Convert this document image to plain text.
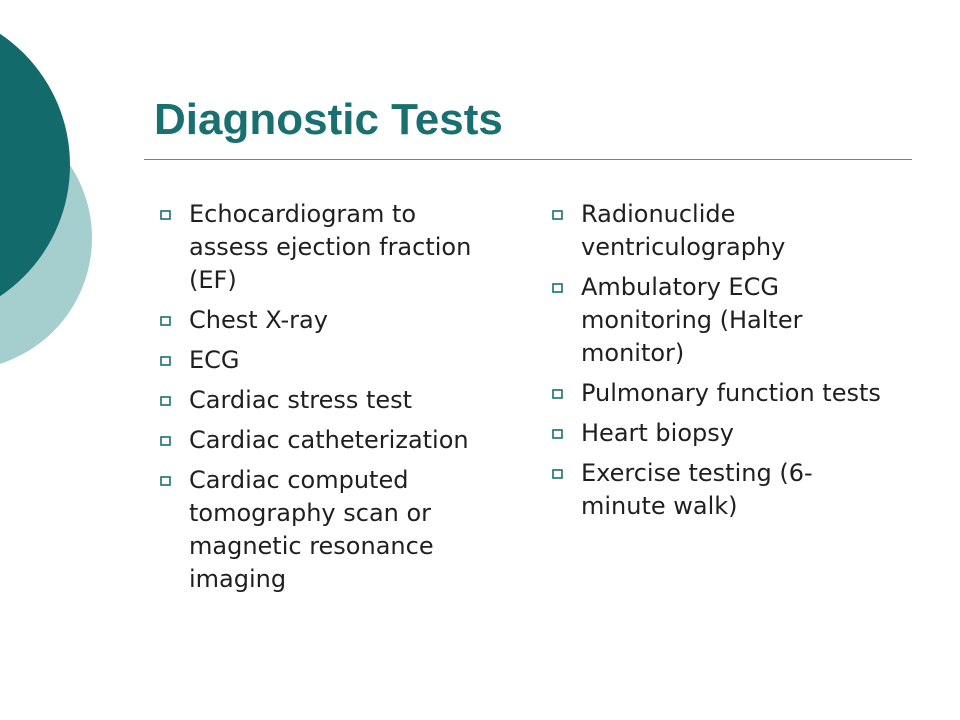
Diagnostic Tests
Echocardiogram to assess ejection fraction (EF)
Chest X-ray
ECG
Cardiac stress test
Cardiac catheterization
Cardiac computed tomography scan or magnetic resonance imaging
Radionuclide ventriculography
Ambulatory ECG monitoring (Halter monitor)
Pulmonary function tests
Heart biopsy
Exercise testing (6-minute walk)
